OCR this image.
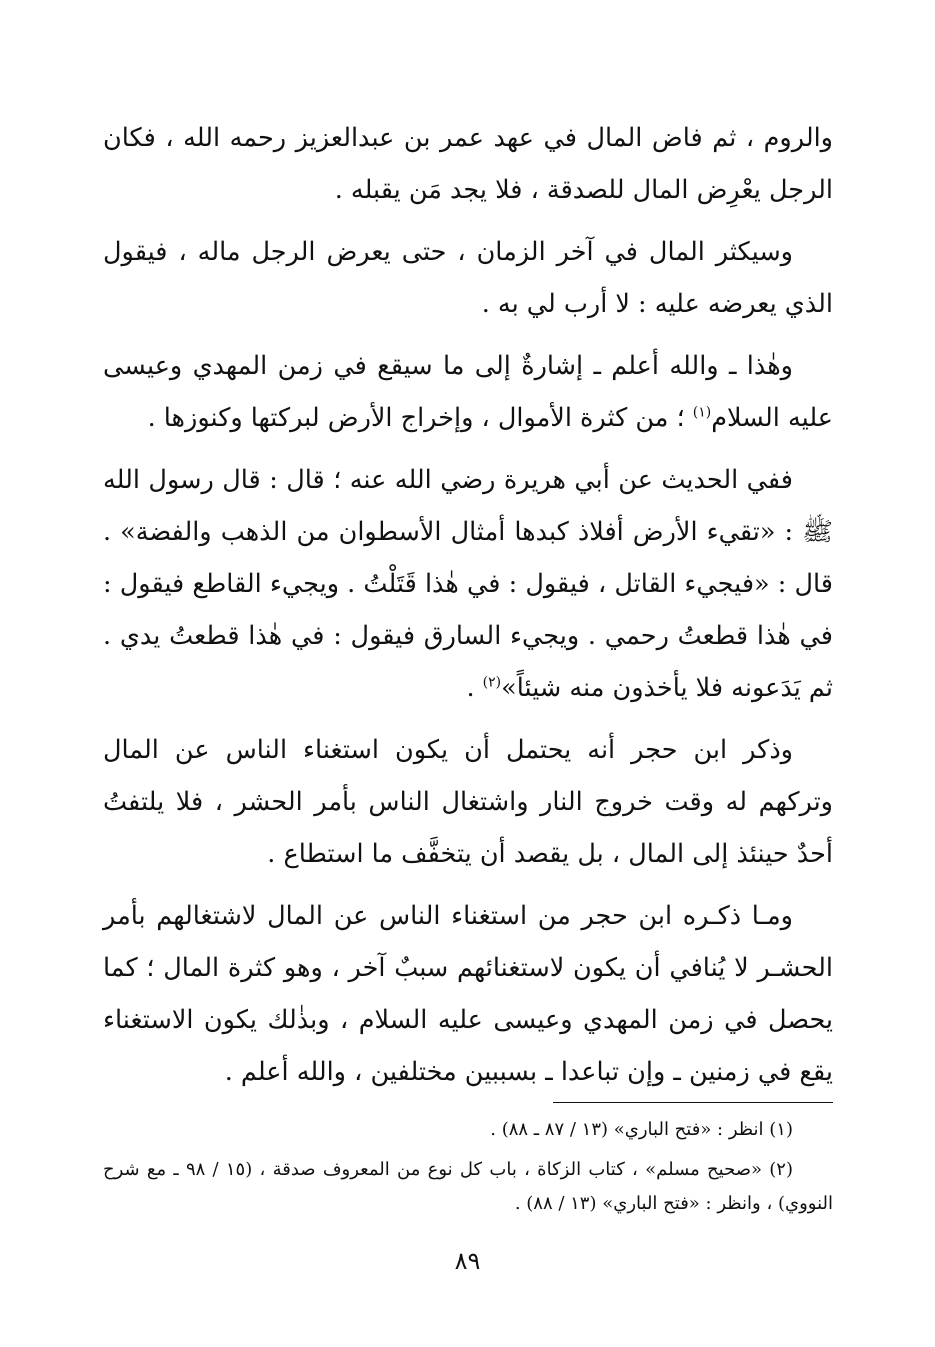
والروم ، ثم فاض المال في عهد عمر بن عبدالعزيز رحمه الله ، فكان الرجل يعْرِض المال للصدقة ، فلا يجد مَن يقبله .

وسيكثر المال في آخر الزمان ، حتى يعرض الرجل ماله ، فيقول الذي يعرضه عليه : لا أرب لي به .

وهٰذا ـ والله أعلم ـ إشارةٌ إلى ما سيقع في زمن المهدي وعيسى عليه السلام$^{(١)}$ ؛ من كثرة الأموال ، وإخراج الأرض لبركتها وكنوزها .

ففي الحديث عن أبي هريرة رضي الله عنه ؛ قال : قال رسول الله ﷺ : «تقيء الأرض أفلاذ كبدها أمثال الأسطوان من الذهب والفضة» . قال : «فيجيء القاتل ، فيقول : في هٰذا قَتَلْتُ . ويجيء القاطع فيقول : في هٰذا قطعتُ رحمي . ويجيء السارق فيقول : في هٰذا قطعتُ يدي . ثم يَدَعونه فلا يأخذون منه شيئاً»$^{(٢)}$ .

وذكر ابن حجر أنه يحتمل أن يكون استغناء الناس عن المال وتركهم له وقت خروج النار واشتغال الناس بأمر الحشر ، فلا يلتفتُ أحدٌ حينئذ إلى المال ، بل يقصد أن يتخفَّف ما استطاع .

ومـا ذكـره ابن حجر من استغناء الناس عن المال لاشتغالهم بأمر الحشـر لا يُنافي أن يكون لاستغنائهم سببٌ آخر ، وهو كثرة المال ؛ كما يحصل في زمن المهدي وعيسى عليه السلام ، وبذٰلك يكون الاستغناء يقع في زمنين ـ وإن تباعدا ـ بسببين مختلفين ، والله أعلم .

(١) انظر : «فتح الباري» (١٣ / ٨٧ ـ ٨٨) .

(٢) «صحيح مسلم» ، كتاب الزكاة ، باب كل نوع من المعروف صدقة ، (١٥ / ٩٨ ـ مع شرح النووي) ، وانظر : «فتح الباري» (١٣ / ٨٨) .

٨٩
